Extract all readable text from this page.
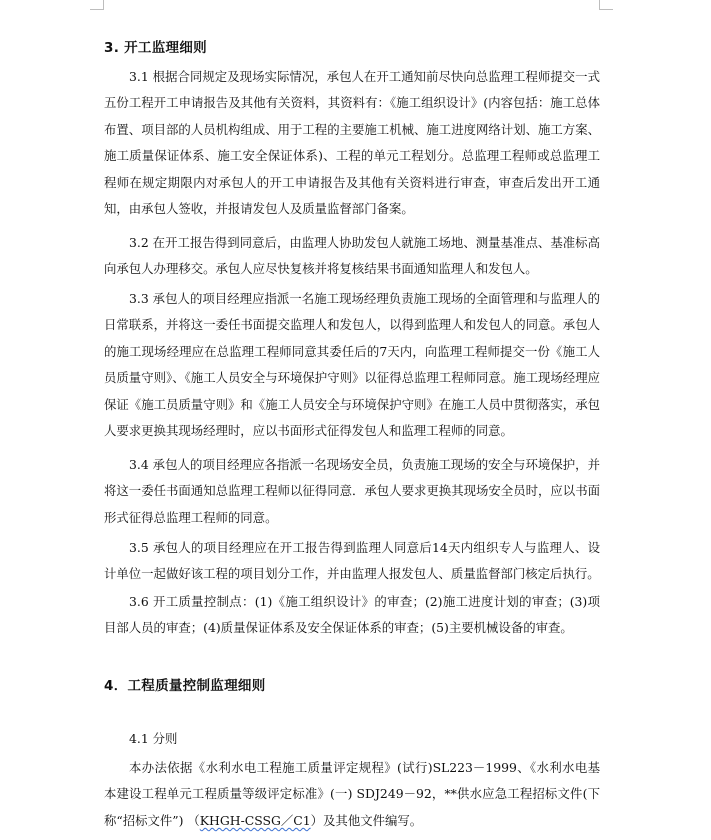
3. 开工监理细则

3.1 根据合同规定及现场实际情况，承包人在开工通知前尽快向总监理工程师提交一式五份工程开工申请报告及其他有关资料，其资料有：《施工组织设计》(内容包括：施工总体布置、项目部的人员机构组成、用于工程的主要施工机械、施工进度网络计划、施工方案、施工质量保证体系、施工安全保证体系)、工程的单元工程划分。总监理工程师或总监理工程师在规定期限内对承包人的开工申请报告及其他有关资料进行审查，审查后发出开工通知，由承包人签收，并报请发包人及质量监督部门备案。

3.2 在开工报告得到同意后，由监理人协助发包人就施工场地、测量基准点、基准标高向承包人办理移交。承包人应尽快复核并将复核结果书面通知监理人和发包人。

3.3 承包人的项目经理应指派一名施工现场经理负责施工现场的全面管理和与监理人的日常联系，并将这一委任书面提交监理人和发包人，以得到监理人和发包人的同意。承包人的施工现场经理应在总监理工程师同意其委任后的7天内，向监理工程师提交一份《施工人员质量守则》、《施工人员安全与环境保护守则》以征得总监理工程师同意。施工现场经理应保证《施工员质量守则》和《施工人员安全与环境保护守则》在施工人员中贯彻落实，承包人要求更换其现场经理时，应以书面形式征得发包人和监理工程师的同意。

3.4 承包人的项目经理应各指派一名现场安全员，负责施工现场的安全与环境保护，并将这一委任书面通知总监理工程师以征得同意．承包人要求更换其现场安全员时，应以书面形式征得总监理工程师的同意。

3.5 承包人的项目经理应在开工报告得到监理人同意后14天内组织专人与监理人、设计单位一起做好该工程的项目划分工作，并由监理人报发包人、质量监督部门核定后执行。

3.6 开工质量控制点：(1)《施工组织设计》的审查；(2)施工进度计划的审查；(3)项目部人员的审查；(4)质量保证体系及安全保证体系的审查；(5)主要机械设备的审查。

4．工程质量控制监理细则

4.1 分则

本办法依据《水利水电工程施工质量评定规程》(试行)SL223－1999、《水利水电基本建设工程单元工程质量等级评定标准》(一) SDJ249－92，**供水应急工程招标文件(下称“招标文件”) （KHGH-CSSG／C1）及其他文件编写。
